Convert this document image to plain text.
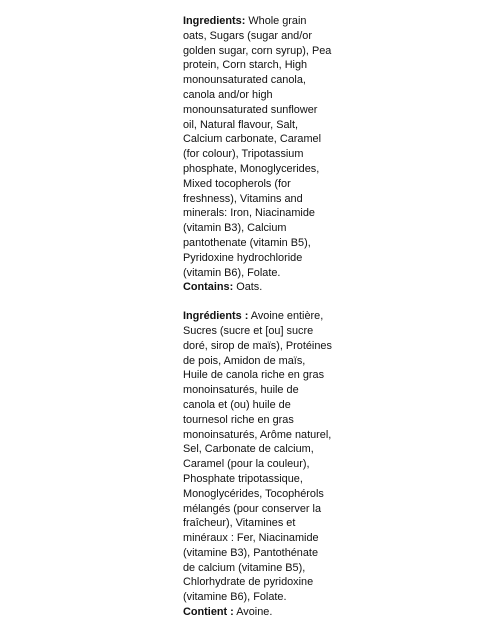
Ingredients: Whole grain oats, Sugars (sugar and/or golden sugar, corn syrup), Pea protein, Corn starch, High monounsaturated canola, canola and/or high monounsaturated sunflower oil, Natural flavour, Salt, Calcium carbonate, Caramel (for colour), Tripotassium phosphate, Monoglycerides, Mixed tocopherols (for freshness), Vitamins and minerals: Iron, Niacinamide (vitamin B3), Calcium pantothenate (vitamin B5), Pyridoxine hydrochloride (vitamin B6), Folate.

Contains: Oats.

Ingrédients : Avoine entière, Sucres (sucre et [ou] sucre doré, sirop de maïs), Protéines de pois, Amidon de maïs, Huile de canola riche en gras monoinsaturés, huile de canola et (ou) huile de tournesol riche en gras monoinsaturés, Arôme naturel, Sel, Carbonate de calcium, Caramel (pour la couleur), Phosphate tripotassique, Monoglycérides, Tocophérols mélangés (pour conserver la fraîcheur), Vitamines et minéraux : Fer, Niacinamide (vitamine B3), Pantothénate de calcium (vitamine B5), Chlorhydrate de pyridoxine (vitamine B6), Folate.

Contient : Avoine.
